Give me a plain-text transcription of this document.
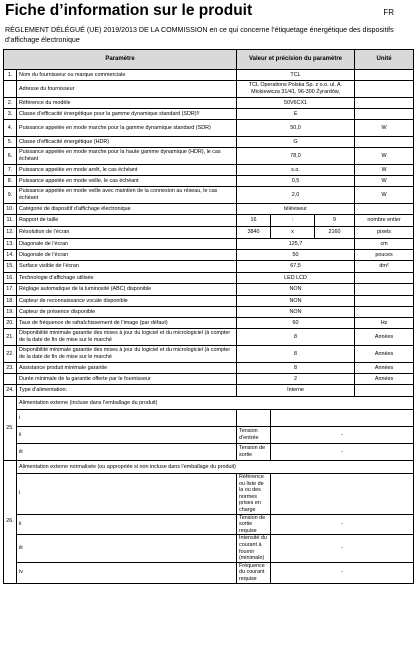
Fiche d’information sur le produit	FR
RÈGLEMENT DÉLÉGUÉ (UE) 2019/2013 DE LA COMMISSION en ce qui concerne l’étiquetage énergétique des dispositifs d’affichage électronique
Paramètre		Valeur et précision du paramètre			Unité	
1.	Nom du fournisseur ou marque commerciale	TCL				
	Adresse du fournisseur	TCL Operations Polska Sp. z o.o. ul. A. Mickiewicza 31/41, 96-300 Żyrardów,				
2.	Référence du modèle	50V6CX1				
3.	Classe d’efficacité énergétique pour la gamme dynamique standard (SDR)!!	E				
4.	Puissance appelée en mode marche pour la gamme dynamique standard (SDR)	50,0			W	
5.	Classe d’efficacité énergétique (HDR)	G				
6.	Puissance appelée en mode marche pour la haute gamme dynamique (HDR), le cas échéant	78,0			W	
7.	Puissance appelée en mode arrêt, le cas échéant	s.o.			W	
8.	Puissance appelée en mode veille, le cas échéant	0,5			W	
9.	Puissance appelée en mode veille avec maintien de la connexion au réseau, le cas échéant	2,0			W	
10.	Catégorie de dispositif d’affichage électronique	téléviseur				
11.	Rapport de taille	16	:	9	nombre entier	
12.	Résolution de l’écran	3840	x	2160	pixels	
13.	Diagonale de l’écran	125,7			cm	
14.	Diagonale de l’écran	50			pouces	
15.	Surface visible de l’écran	67,5			dm²	
16.	Technologie d’affichage utilisée	LED LCD				
17.	Réglage automatique de la luminosité (ABC) disponible	NON				
18.	Capteur de reconnaissance vocale disponible	NON				
19.	Capteur de présence disponible	NON				
20.	Taux de fréquence de rafraîchissement de l’image (par défaut)	60			Hz	
21.	Disponibilité minimale garantie des mises à jour du logiciel et du micrologiciel (à compter de la date de fin de mise sur le marché	8			Années	
22.	Disponibilité minimale garantie des mises à jour du logiciel et du micrologiciel (à compter de la date de fin de mise sur le marché	8			Années	
23.	Assistance produit minimale garantie	8			Années	
	Durée minimale de la garantie offerte par le fournisseur	2			Années	
24.	Type d’alimentation:	Interne				
25.	Alimentation externe (incluse dans l’emballage du produit)					
	i					
	ii	Tension d’entrée	-	
	iii	Tension de sortie	-	
26.	Alimentation externe normalisée (ou appropriée si non incluse dans l’emballage du produit)					
	i	Référence ou liste de la ou des normes prises en charge				
	ii	Tension de sortie requise	-	
	iii	Intensité du courant à fournir (minimale)	-	
	iv	Fréquence du courant requise	-	
